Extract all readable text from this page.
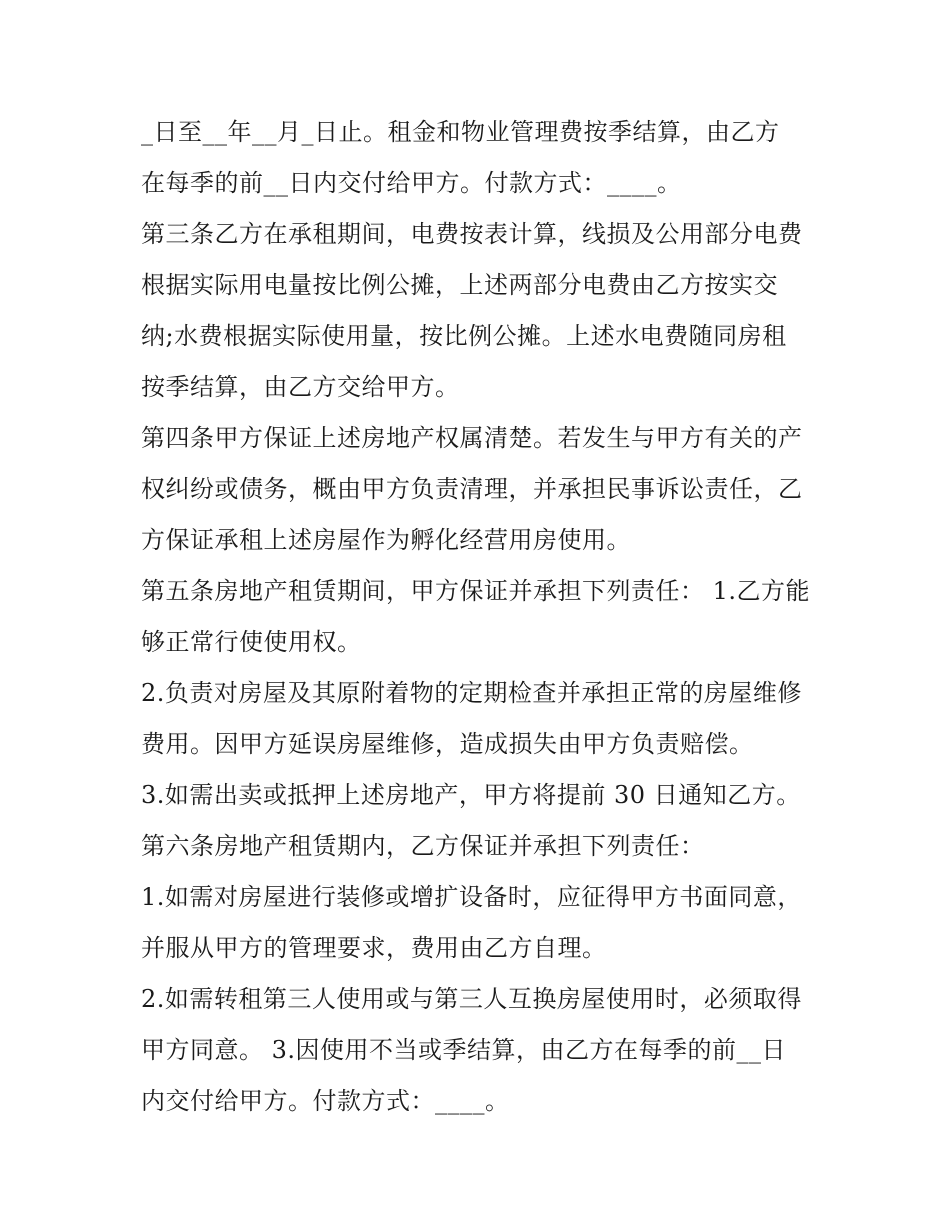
_日至__年__月_日止。租金和物业管理费按季结算，由乙方
在每季的前__日内交付给甲方。付款方式：____。
第三条乙方在承租期间，电费按表计算，线损及公用部分电费
根据实际用电量按比例公摊，上述两部分电费由乙方按实交
纳;水费根据实际使用量，按比例公摊。上述水电费随同房租
按季结算，由乙方交给甲方。
第四条甲方保证上述房地产权属清楚。若发生与甲方有关的产
权纠纷或债务，概由甲方负责清理，并承担民事诉讼责任，乙
方保证承租上述房屋作为孵化经营用房使用。
第五条房地产租赁期间，甲方保证并承担下列责任： 1.乙方能
够正常行使使用权。
2.负责对房屋及其原附着物的定期检查并承担正常的房屋维修
费用。因甲方延误房屋维修，造成损失由甲方负责赔偿。
3.如需出卖或抵押上述房地产，甲方将提前 30 日通知乙方。
第六条房地产租赁期内，乙方保证并承担下列责任：
1.如需对房屋进行装修或增扩设备时，应征得甲方书面同意，
并服从甲方的管理要求，费用由乙方自理。
2.如需转租第三人使用或与第三人互换房屋使用时，必须取得
甲方同意。 3.因使用不当或季结算，由乙方在每季的前__日
内交付给甲方。付款方式：____。
